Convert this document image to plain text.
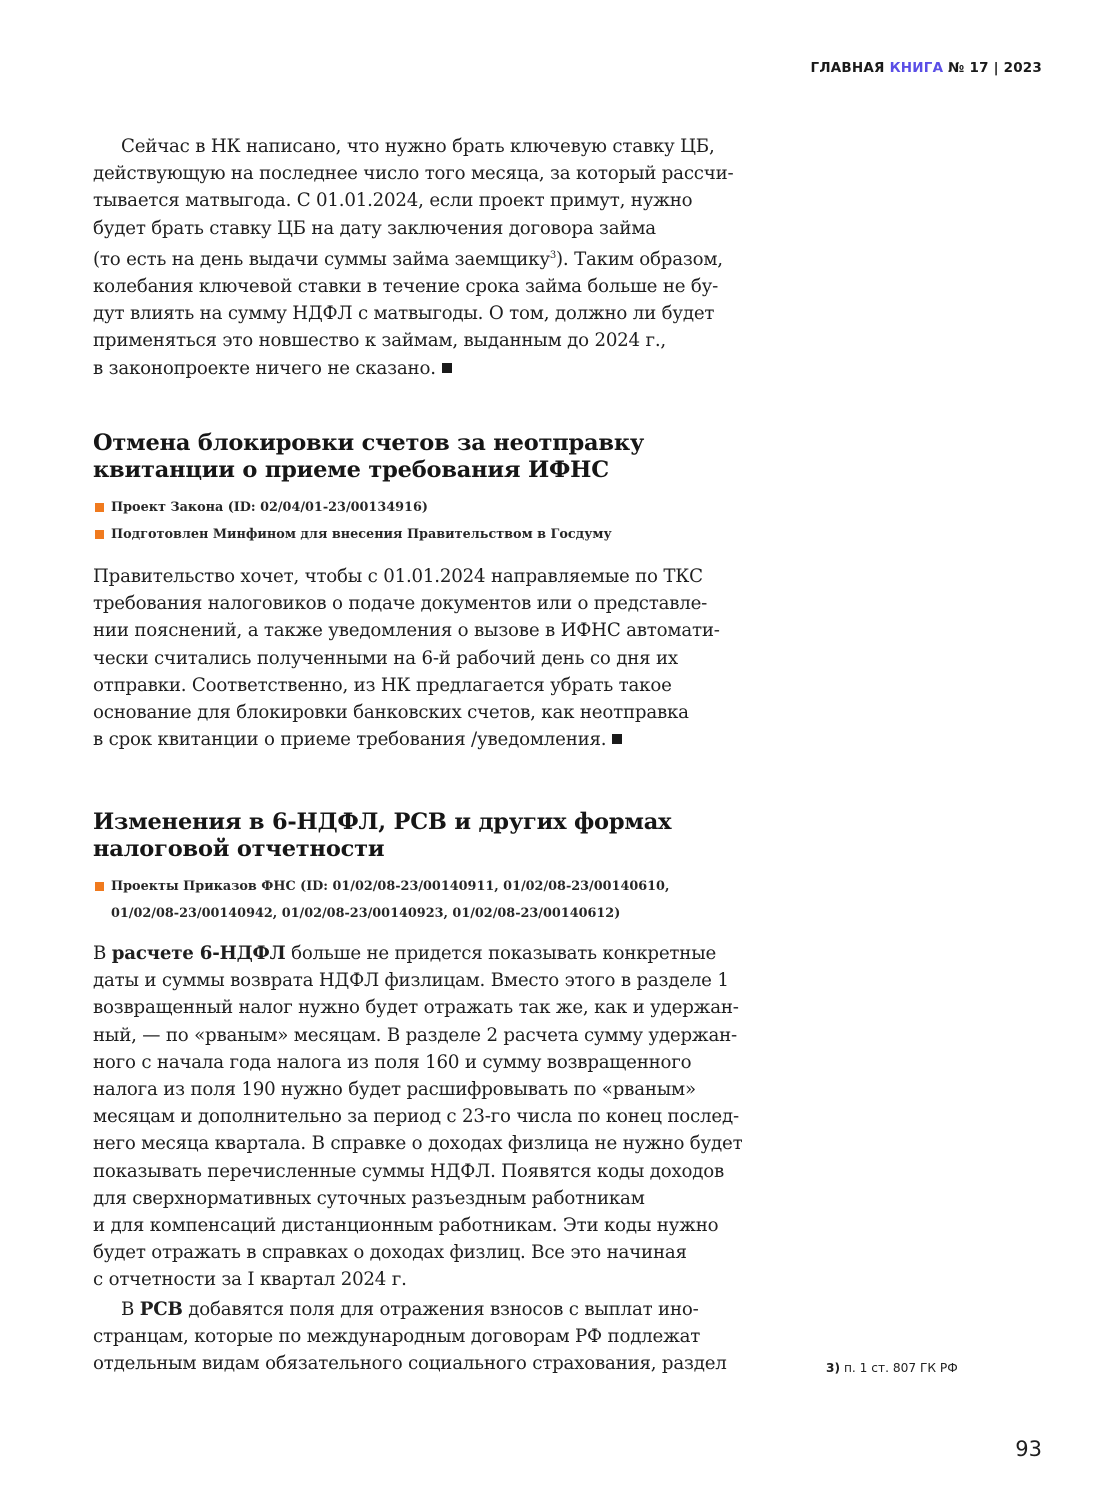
ГЛАВНАЯ КНИГА № 17 | 2023

Сейчас в НК написано, что нужно брать ключевую ставку ЦБ,
действующую на последнее число того месяца, за который рассчи-
тывается матвыгода. С 01.01.2024, если проект примут, нужно
будет брать ставку ЦБ на дату заключения договора займа
(то есть на день выдачи суммы займа заемщику$^3$). Таким образом,
колебания ключевой ставки в течение срока займа больше не бу-
дут влиять на сумму НДФЛ с матвыгоды. О том, должно ли будет
применяться это новшество к займам, выданным до 2024 г.,
в законопроекте ничего не сказано.

Отмена блокировки счетов за неотправку
квитанции о приеме требования ИФНС

Проект Закона (ID: 02/04/01-23/00134916)

Подготовлен Минфином для внесения Правительством в Госдуму

Правительство хочет, чтобы с 01.01.2024 направляемые по ТКС
требования налоговиков о подаче документов или о представле-
нии пояснений, а также уведомления о вызове в ИФНС автомати-
чески считались полученными на 6-й рабочий день со дня их
отправки. Соответственно, из НК предлагается убрать такое
основание для блокировки банковских счетов, как неотправка
в срок квитанции о приеме требования /уведомления.

Изменения в 6-НДФЛ, РСВ и других формах
налоговой отчетности

Проекты Приказов ФНС (ID: 01/02/08-23/00140911, 01/02/08-23/00140610,

01/02/08-23/00140942, 01/02/08-23/00140923, 01/02/08-23/00140612)

В расчете 6-НДФЛ больше не придется показывать конкретные
даты и суммы возврата НДФЛ физлицам. Вместо этого в разделе 1
возвращенный налог нужно будет отражать так же, как и удержан-
ный, — по «рваным» месяцам. В разделе 2 расчета сумму удержан-
ного с начала года налога из поля 160 и сумму возвращенного
налога из поля 190 нужно будет расшифровывать по «рваным»
месяцам и дополнительно за период с 23-го числа по конец послед-
него месяца квартала. В справке о доходах физлица не нужно будет
показывать перечисленные суммы НДФЛ. Появятся коды доходов
для сверхнормативных суточных разъездным работникам
и для компенсаций дистанционным работникам. Эти коды нужно
будет отражать в справках о доходах физлиц. Все это начиная
с отчетности за I квартал 2024 г.

В РСВ добавятся поля для отражения взносов с выплат ино-
странцам, которые по международным договорам РФ подлежат
отдельным видам обязательного социального страхования, раздел	3) п. 1 ст. 807 ГК РФ
93
